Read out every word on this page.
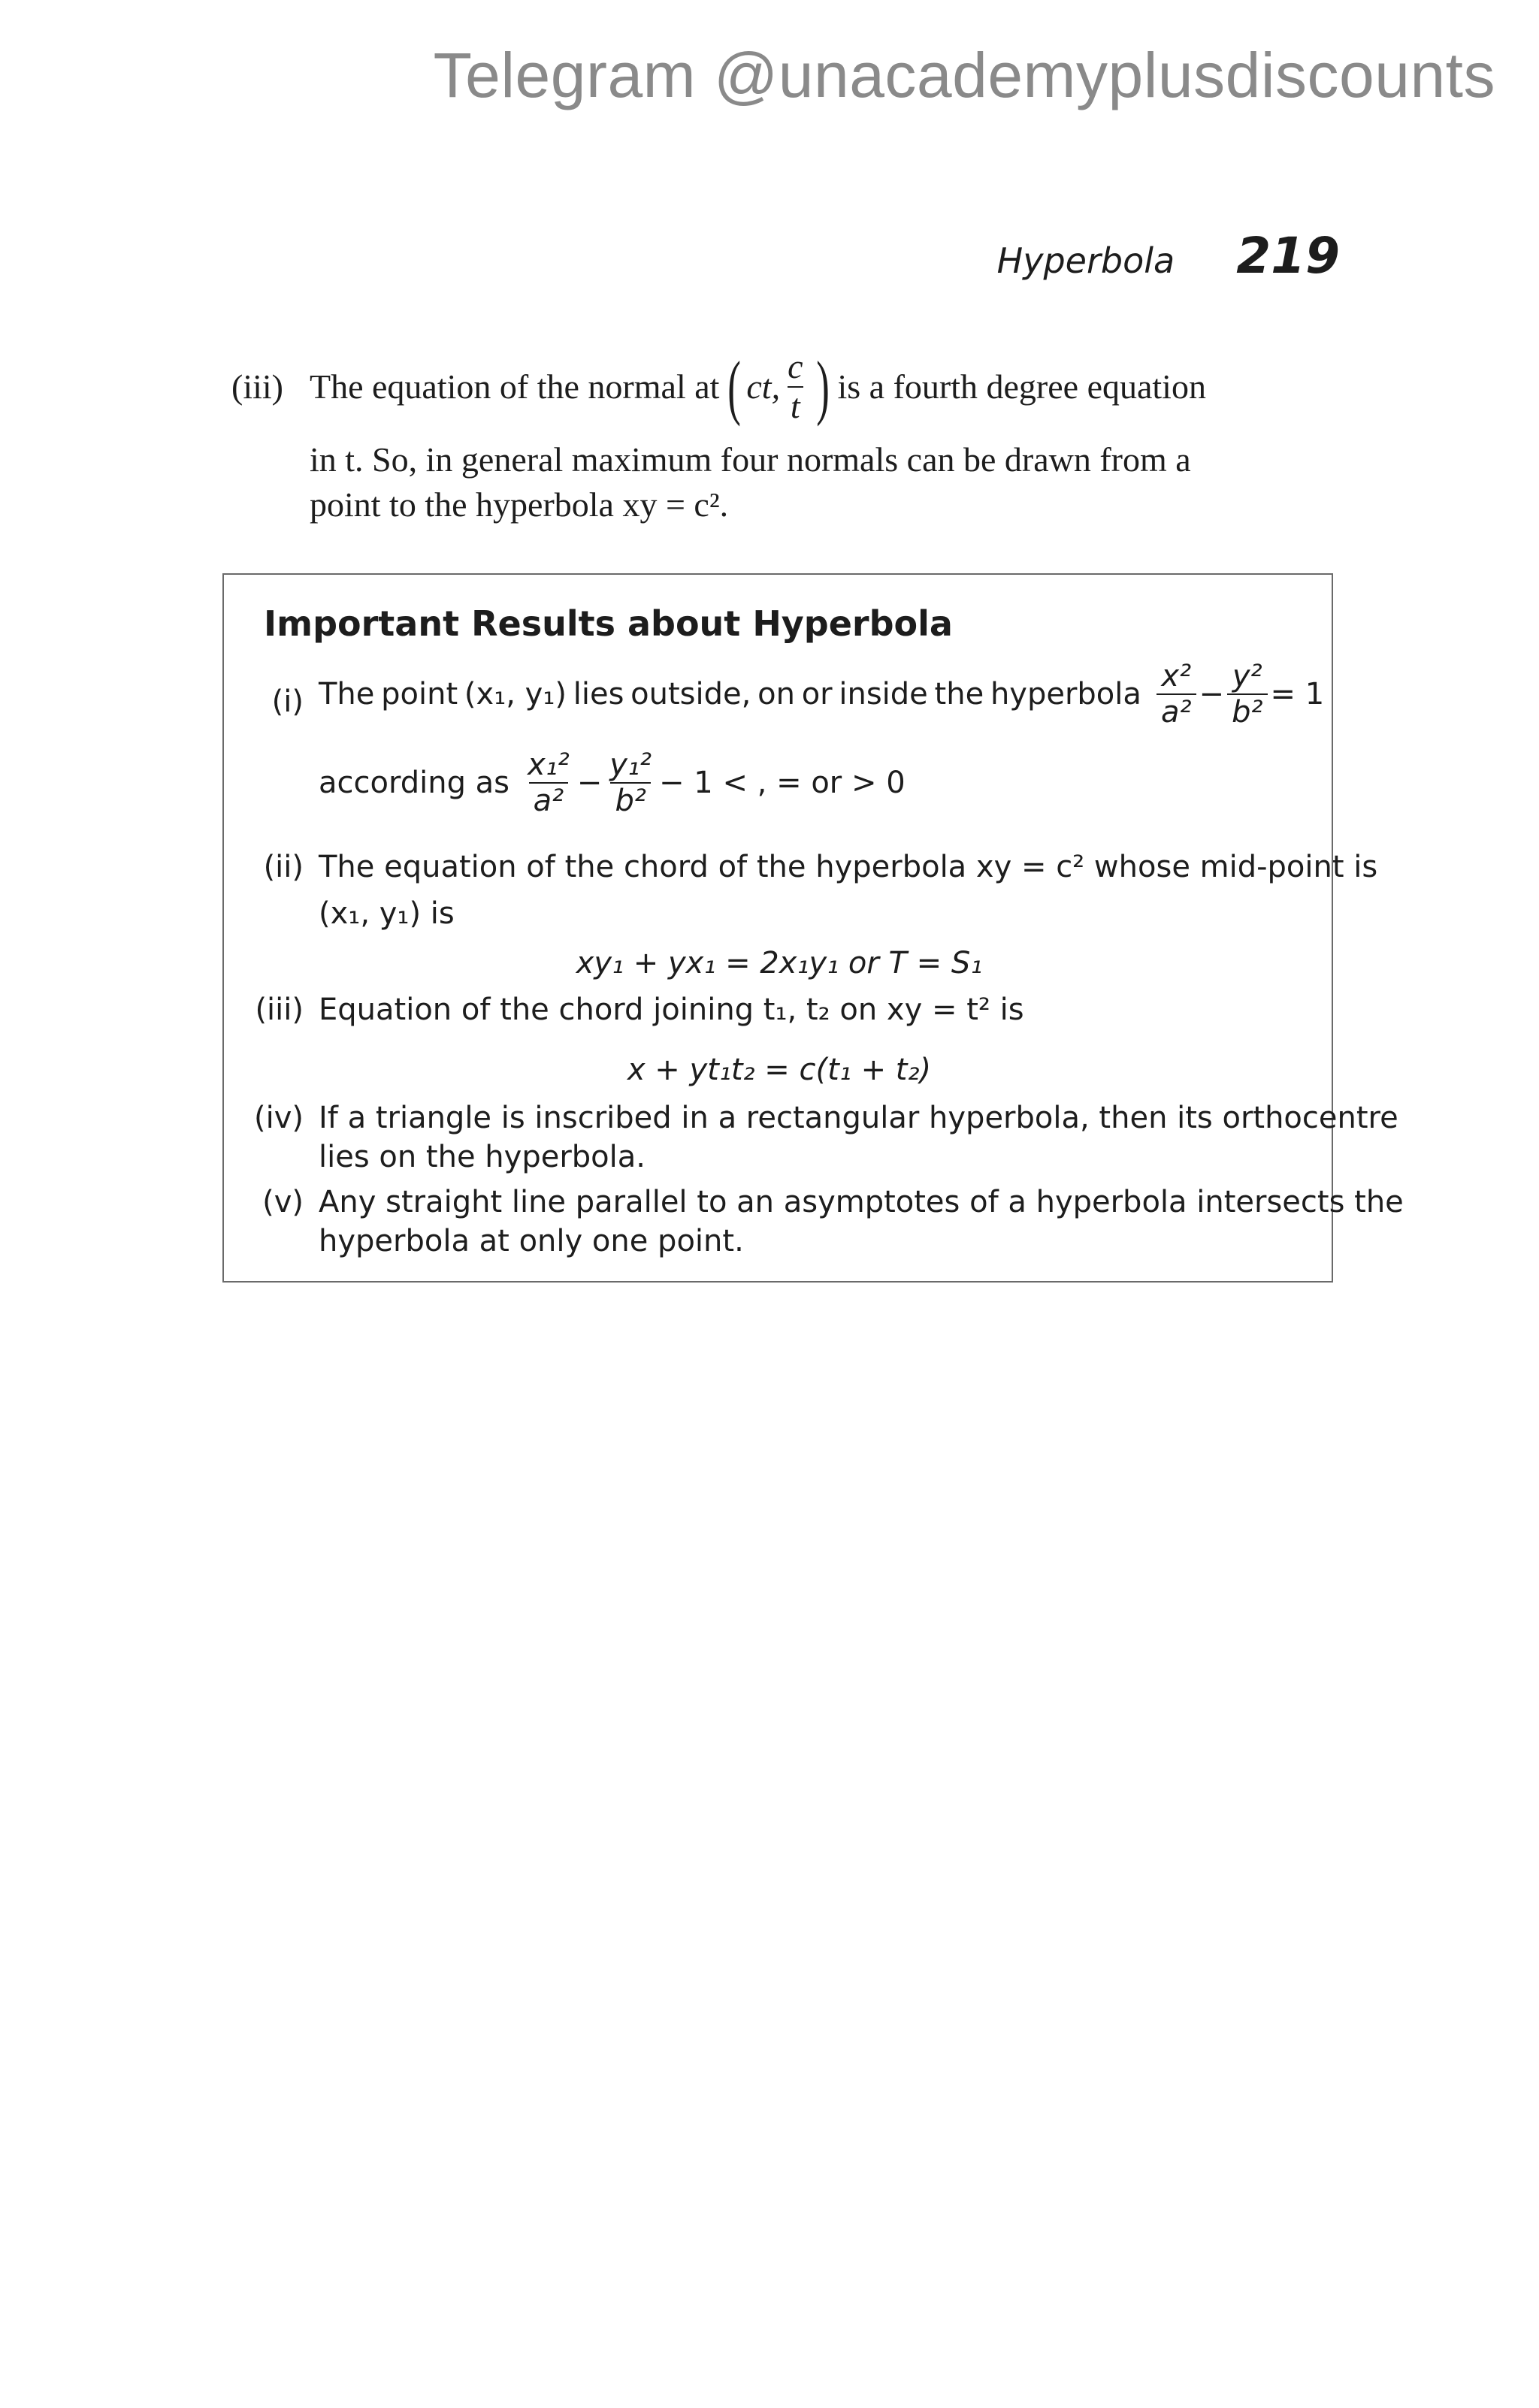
Telegram @unacademyplusdiscounts
Hyperbola 219
(iii) The equation of the normal at ( ct, $\frac{c}{t}$ ) is a fourth degree equation

in t. So, in general maximum four normals can be drawn from a

point to the hyperbola xy = c².

Important Results about Hyperbola
(i) The point (x₁, y₁) lies outside, on or inside the hyperbola $\frac{\text{x²}}{\text{a²}} - \frac{\text{y²}}{\text{b²}} = 1$
according as $\frac{\text{x₁²}}{\text{a²}} - \frac{\text{y₁²}}{\text{b²}} - 1$ < , = or > 0
(ii) The equation of the chord of the hyperbola xy = c² whose mid-point is
(x₁, y₁) is
xy₁ + yx₁ = 2x₁y₁ or T = S₁
(iii) Equation of the chord joining t₁, t₂ on xy = t² is
x + yt₁t₂ = c(t₁ + t₂)
(iv) If a triangle is inscribed in a rectangular hyperbola, then its orthocentre
lies on the hyperbola.
(v) Any straight line parallel to an asymptotes of a hyperbola intersects the
hyperbola at only one point.
